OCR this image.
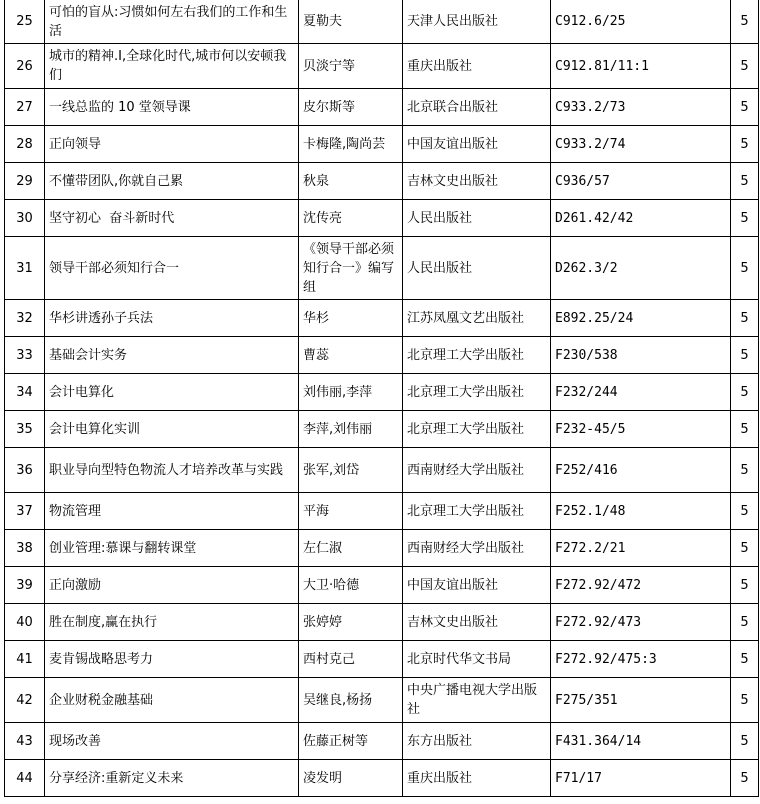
25	可怕的盲从:习惯如何左右我们的工作和生活	夏勒夫	天津人民出版社	C912.6/25	5
26	城市的精神.I,全球化时代,城市何以安顿我们	贝淡宁等	重庆出版社	C912.81/11:1	5
27	一线总监的 10 堂领导课	皮尔斯等	北京联合出版社	C933.2/73	5
28	正向领导	卡梅隆,陶尚芸	中国友谊出版社	C933.2/74	5
29	不懂带团队,你就自己累	秋泉	吉林文史出版社	C936/57	5
30	坚守初心  奋斗新时代	沈传亮	人民出版社	D261.42/42	5
31	领导干部必须知行合一	《领导干部必须知行合一》编写组	人民出版社	D262.3/2	5
32	华杉讲透孙子兵法	华杉	江苏凤凰文艺出版社	E892.25/24	5
33	基础会计实务	曹蕊	北京理工大学出版社	F230/538	5
34	会计电算化	刘伟丽,李萍	北京理工大学出版社	F232/244	5
35	会计电算化实训	李萍,刘伟丽	北京理工大学出版社	F232-45/5	5
36	职业导向型特色物流人才培养改革与实践	张军,刘岱	西南财经大学出版社	F252/416	5
37	物流管理	平海	北京理工大学出版社	F252.1/48	5
38	创业管理:慕课与翻转课堂	左仁淑	西南财经大学出版社	F272.2/21	5
39	正向激励	大卫·哈德	中国友谊出版社	F272.92/472	5
40	胜在制度,赢在执行	张婷婷	吉林文史出版社	F272.92/473	5
41	麦肯锡战略思考力	西村克己	北京时代华文书局	F272.92/475:3	5
42	企业财税金融基础	吴继良,杨扬	中央广播电视大学出版社	F275/351	5
43	现场改善	佐藤正树等	东方出版社	F431.364/14	5
44	分享经济:重新定义未来	凌发明	重庆出版社	F71/17	5
